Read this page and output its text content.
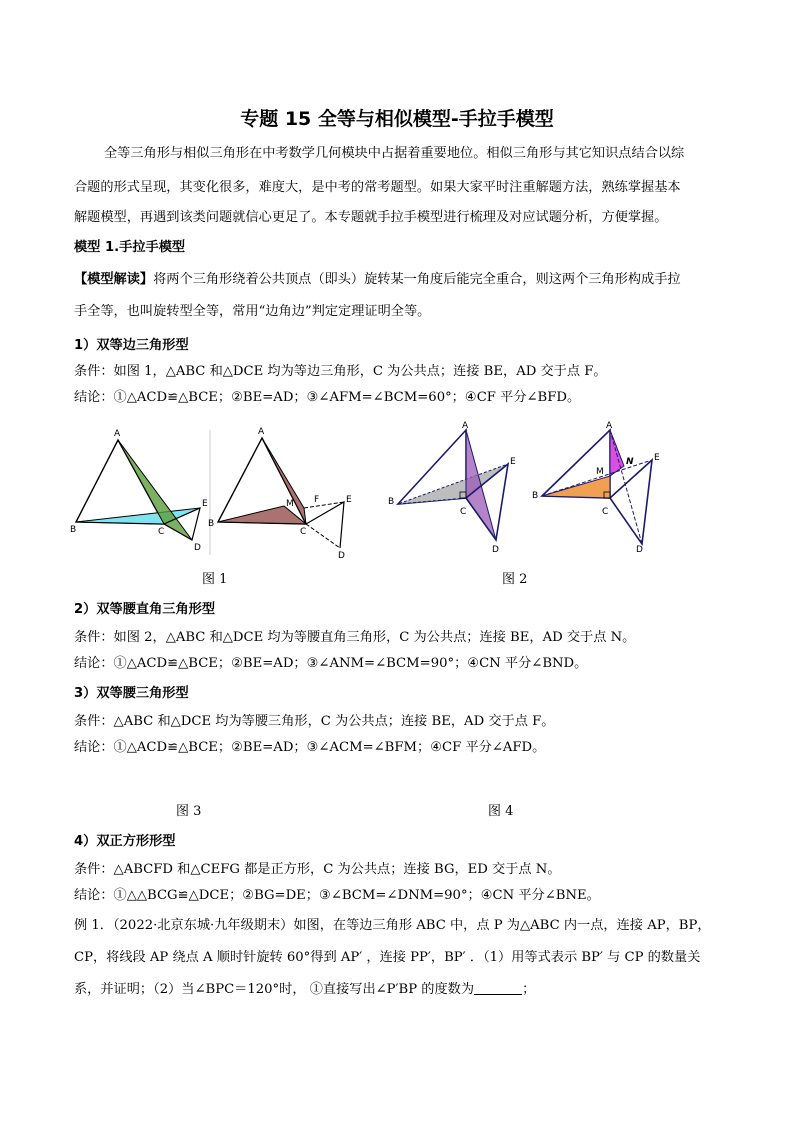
专题 15 全等与相似模型-手拉手模型
全等三角形与相似三角形在中考数学几何模块中占据着重要地位。相似三角形与其它知识点结合以综
合题的形式呈现，其变化很多，难度大，是中考的常考题型。如果大家平时注重解题方法，熟练掌握基本
解题模型，再遇到该类问题就信心更足了。本专题就手拉手模型进行梳理及对应试题分析，方便掌握。
模型 1.手拉手模型
【模型解读】将两个三角形绕着公共顶点（即头）旋转某一角度后能完全重合，则这两个三角形构成手拉
手全等，也叫旋转型全等，常用“边角边”判定定理证明全等。
1）双等边三角形型
条件：如图 1，△ABC 和△DCE 均为等边三角形，C 为公共点；连接 BE，AD 交于点 F。
结论：①△ACD≌△BCE；②BE=AD；③∠AFM=∠BCM=60°；④CF 平分∠BFD。
A
B	C
D
E
A
B
C
D
E
F
M
图 1
A
B
C
D
E
A
B
C
D
E
M
N
图 2
2）双等腰直角三角形型
条件：如图 2，△ABC 和△DCE 均为等腰直角三角形，C 为公共点；连接 BE，AD 交于点 N。
结论：①△ACD≌△BCE；②BE=AD；③∠ANM=∠BCM=90°；④CN 平分∠BND。
3）双等腰三角形型
条件：△ABC 和△DCE 均为等腰三角形，C 为公共点；连接 BE，AD 交于点 F。
结论：①△ACD≌△BCE；②BE=AD；③∠ACM=∠BFM；④CF 平分∠AFD。
图 3	图 4
4）双正方形形型
条件：△ABCFD 和△CEFG 都是正方形，C 为公共点；连接 BG，ED 交于点 N。
结论：①△△BCG≌△DCE；②BG=DE；③∠BCM=∠DNM=90°；④CN 平分∠BNE。
例 1．（2022·北京东城·九年级期末）如图，在等边三角形 ABC 中，点 P 为△ABC 内一点，连接 AP，BP，
CP，将线段 AP 绕点 A 顺时针旋转 60°得到 AP′ ，连接 PP′，BP′ ．（1）用等式表示 BP′ 与 CP 的数量关
系，并证明；（2）当∠BPC＝120°时， ①直接写出∠P′BP 的度数为	；
